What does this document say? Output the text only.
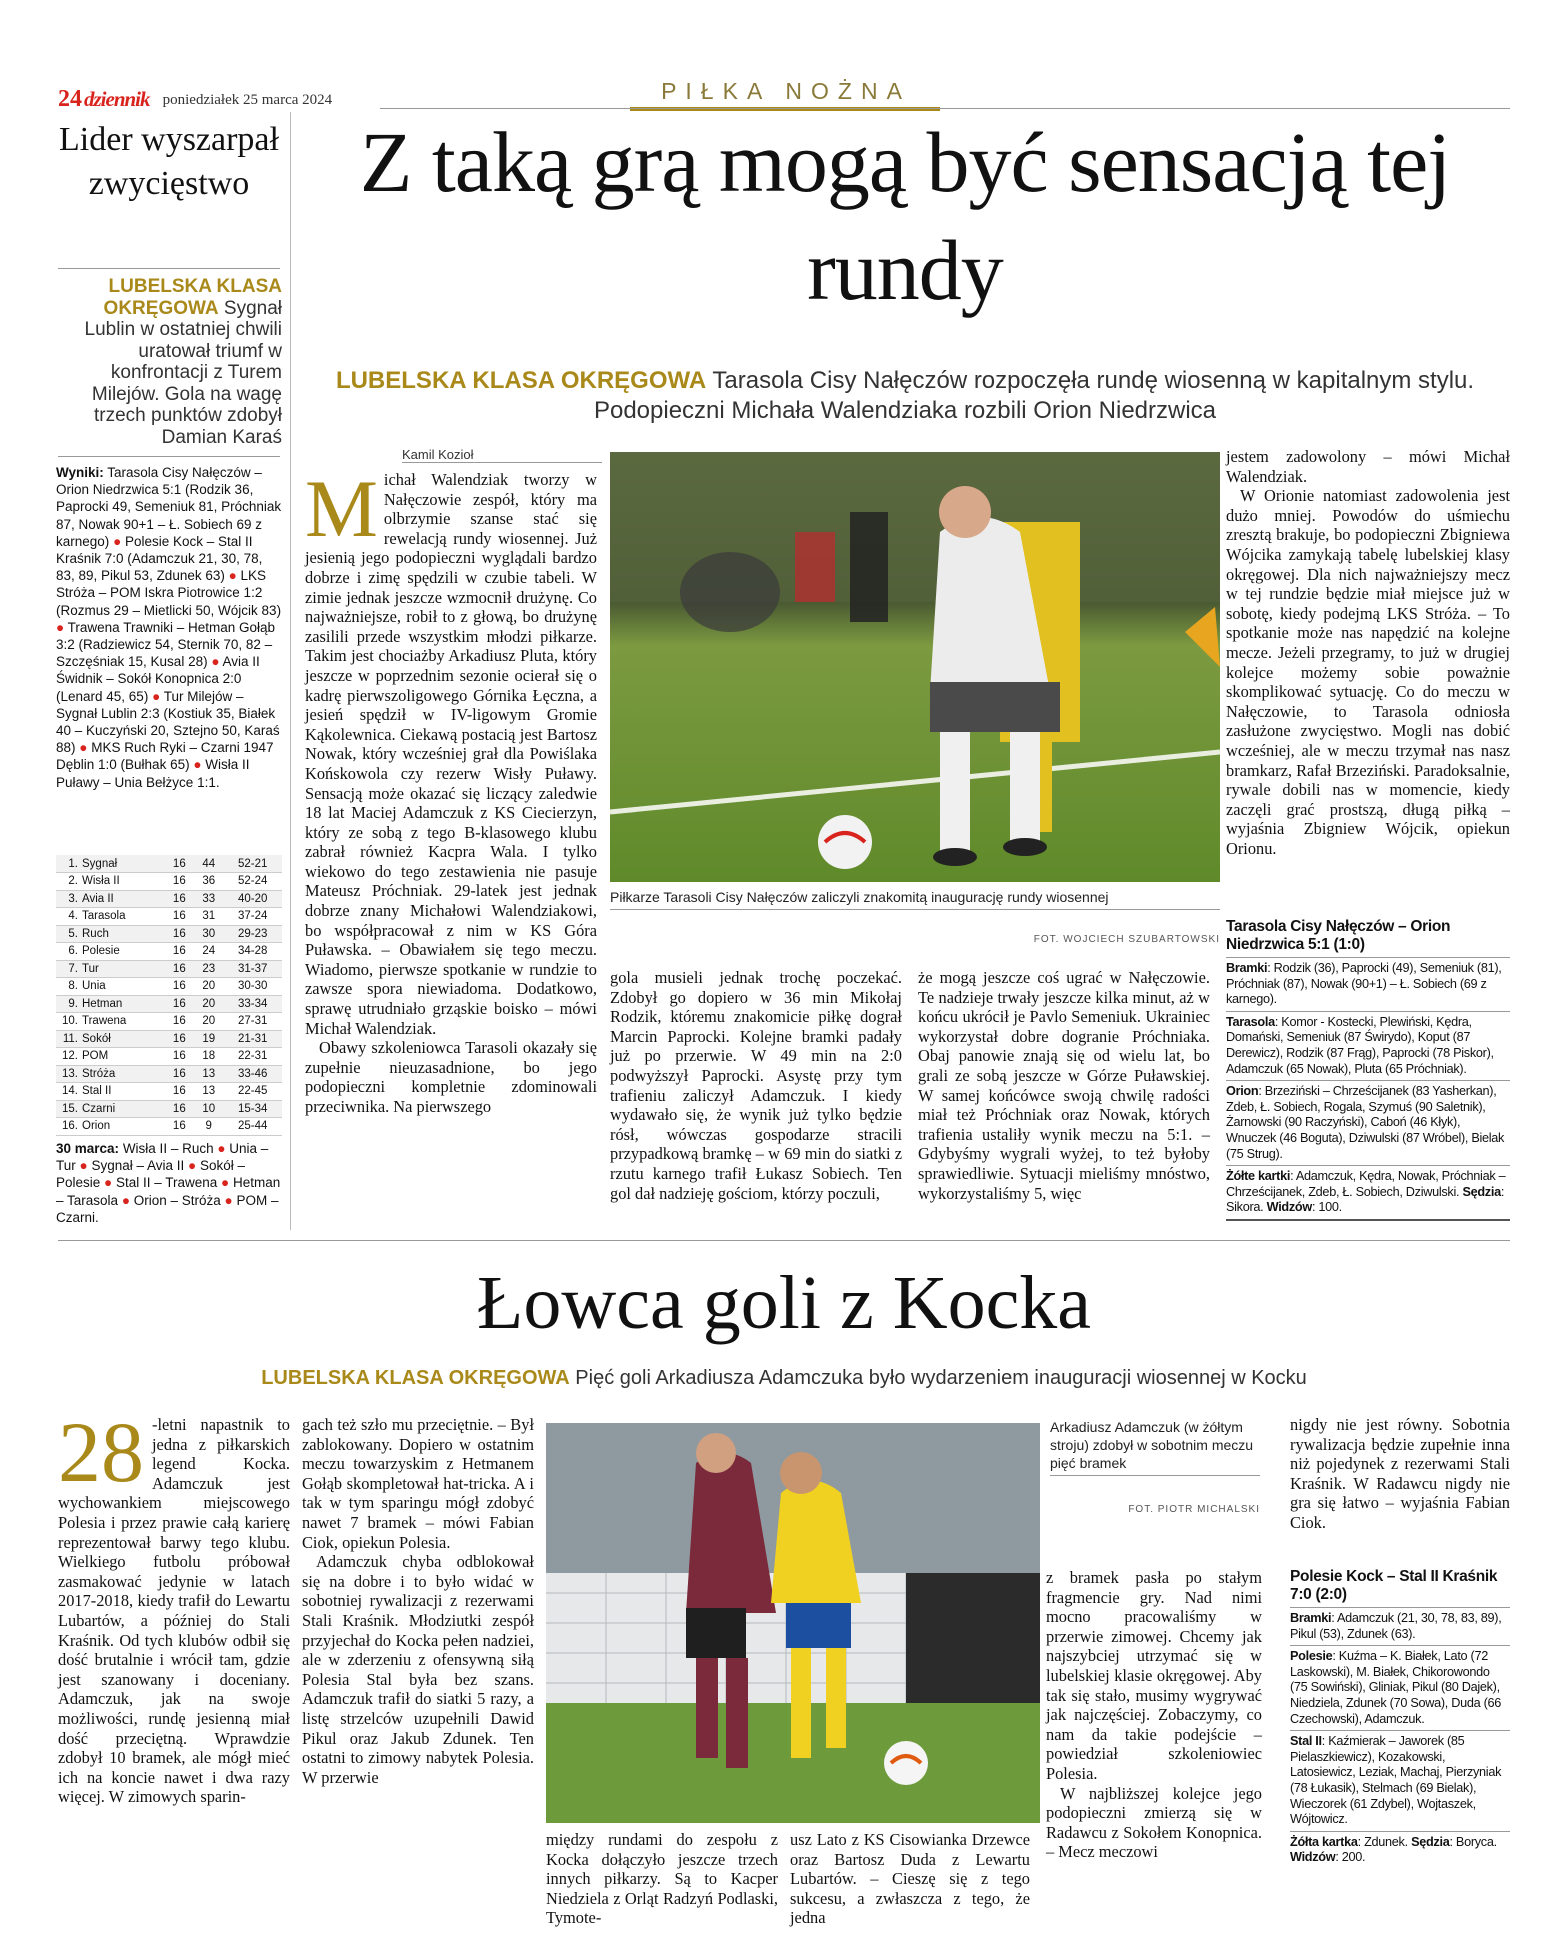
24dziennik poniedziałek 25 marca 2024	PIŁKA NOŻNA
Lider wyszarpał zwycięstwo
LUBELSKA KLASA OKRĘGOWA Sygnał Lublin w ostatniej chwili uratował triumf w konfrontacji z Turem Milejów. Gola na wagę trzech punktów zdobył Damian Karaś
Wyniki: Tarasola Cisy Nałęczów – Orion Niedrzwica 5:1 (Rodzik 36, Paprocki 49, Semeniuk 81, Próchniak 87, Nowak 90+1 – Ł. Sobiech 69 z karnego) ● Polesie Kock – Stal II Kraśnik 7:0 (Adamczuk 21, 30, 78, 83, 89, Pikul 53, Zdunek 63) ● LKS Stróża – POM Iskra Piotrowice 1:2 (Rozmus 29 – Mietlicki 50, Wójcik 83) ● Trawena Trawniki – Hetman Gołąb 3:2 (Radziewicz 54, Sternik 70, 82 – Szczęśniak 15, Kusal 28) ● Avia II Świdnik – Sokół Konopnica 2:0 (Lenard 45, 65) ● Tur Milejów – Sygnał Lublin 2:3 (Kostiuk 35, Białek 40 – Kuczyński 20, Sztejno 50, Karaś 88) ● MKS Ruch Ryki – Czarni 1947 Dęblin 1:0 (Bułhak 65) ● Wisła II Puławy – Unia Bełżyce 1:1.
1.	Sygnał	16	44	52-21
2.	Wisła II	16	36	52-24
3.	Avia II	16	33	40-20
4.	Tarasola	16	31	37-24
5.	Ruch	16	30	29-23
6.	Polesie	16	24	34-28
7.	Tur	16	23	31-37
8.	Unia	16	20	30-30
9.	Hetman	16	20	33-34
10.	Trawena	16	20	27-31
11.	Sokół	16	19	21-31
12.	POM	16	18	22-31
13.	Stróża	16	13	33-46
14.	Stal II	16	13	22-45
15.	Czarni	16	10	15-34
16.	Orion	16	9	25-44
30 marca: Wisła II – Ruch ● Unia – Tur ● Sygnał – Avia II ● Sokół – Polesie ● Stal II – Trawena ● Hetman – Tarasola ● Orion – Stróża ● POM – Czarni.
Z taką grą mogą być sensacją tej rundy
LUBELSKA KLASA OKRĘGOWA Tarasola Cisy Nałęczów rozpoczęła rundę wiosenną w kapitalnym stylu. Podopieczni Michała Walendziaka rozbili Orion Niedrzwica
Kamil Kozioł

Michał Walendziak tworzy w Nałęczowie zespół, który ma olbrzymie szanse stać się rewelacją rundy wiosennej. Już jesienią jego podopieczni wyglądali bardzo dobrze i zimę spędzili w czubie tabeli. W zimie jednak jeszcze wzmocnił drużynę. Co najważniejsze, robił to z głową, bo drużynę zasilili przede wszystkim młodzi piłkarze. Takim jest chociażby Arkadiusz Pluta, który jeszcze w poprzednim sezonie ocierał się o kadrę pierwszoligowego Górnika Łęczna, a jesień spędził w IV-ligowym Gromie Kąkolewnica. Ciekawą postacią jest Bartosz Nowak, który wcześniej grał dla Powiślaka Końskowola czy rezerw Wisły Puławy. Sensacją może okazać się liczący zaledwie 18 lat Maciej Adamczuk z KS Ciecierzyn, który ze sobą z tego B-klasowego klubu zabrał również Kacpra Wala. I tylko wiekowo do tego zestawienia nie pasuje Mateusz Próchniak. 29-latek jest jednak dobrze znany Michałowi Walendziakowi, bo współpracował z nim w KS Góra Puławska. – Obawiałem się tego meczu. Wiadomo, pierwsze spotkanie w rundzie to zawsze spora niewiadoma. Dodatkowo, sprawę utrudniało grząskie boisko – mówi Michał Walendziak.

Obawy szkoleniowca Tarasoli okazały się zupełnie nieuzasadnione, bo jego podopieczni kompletnie zdominowali przeciwnika. Na pierwszego

Piłkarze Tarasoli Cisy Nałęczów zaliczyli znakomitą inaugurację rundy wiosennej
FOT. WOJCIECH SZUBARTOWSKI

gola musieli jednak trochę poczekać. Zdobył go dopiero w 36 min Mikołaj Rodzik, któremu znakomicie piłkę dograł Marcin Paprocki. Kolejne bramki padały już po przerwie. W 49 min na 2:0 podwyższył Paprocki. Asystę przy tym trafieniu zaliczył Adamczuk. I kiedy wydawało się, że wynik już tylko będzie rósł, wówczas gospodarze stracili przypadkową bramkę – w 69 min do siatki z rzutu karnego trafił Łukasz Sobiech. Ten gol dał nadzieję gościom, którzy poczuli,

że mogą jeszcze coś ugrać w Nałęczowie. Te nadzieje trwały jeszcze kilka minut, aż w końcu ukrócił je Pavlo Semeniuk. Ukrainiec wykorzystał dobre dogranie Próchniaka. Obaj panowie znają się od wielu lat, bo grali ze sobą jeszcze w Górze Puławskiej. W samej końcówce swoją chwilę radości miał też Próchniak oraz Nowak, których trafienia ustaliły wynik meczu na 5:1. – Gdybyśmy wygrali wyżej, to też byłoby sprawiedliwie. Sytuacji mieliśmy mnóstwo, wykorzystaliśmy 5, więc

jestem zadowolony – mówi Michał Walendziak.

W Orionie natomiast zadowolenia jest dużo mniej. Powodów do uśmiechu zresztą brakuje, bo podopieczni Zbigniewa Wójcika zamykają tabelę lubelskiej klasy okręgowej. Dla nich najważniejszy mecz w tej rundzie będzie miał miejsce już w sobotę, kiedy podejmą LKS Stróża. – To spotkanie może nas napędzić na kolejne mecze. Jeżeli przegramy, to już w drugiej kolejce możemy sobie poważnie skomplikować sytuację. Co do meczu w Nałęczowie, to Tarasola odniosła zasłużone zwycięstwo. Mogli nas dobić wcześniej, ale w meczu trzymał nas nasz bramkarz, Rafał Brzeziński. Paradoksalnie, rywale dobili nas w momencie, kiedy zaczęli grać prostszą, długą piłką – wyjaśnia Zbigniew Wójcik, opiekun Orionu.

Tarasola Cisy Nałęczów – Orion Niedrzwica 5:1 (1:0)

Bramki: Rodzik (36), Paprocki (49), Semeniuk (81), Próchniak (87), Nowak (90+1) – Ł. Sobiech (69 z karnego).

Tarasola: Komor - Kostecki, Plewiński, Kędra, Domański, Semeniuk (87 Świrydo), Koput (87 Derewicz), Rodzik (87 Frąg), Paprocki (78 Piskor), Adamczuk (65 Nowak), Pluta (65 Próchniak).

Orion: Brzeziński – Chrześcijanek (83 Yasherkan), Zdeb, Ł. Sobiech, Rogala, Szymuś (90 Saletnik), Żarnowski (90 Raczyński), Caboń (46 Kłyk), Wnuczek (46 Boguta), Dziwulski (87 Wróbel), Bielak (75 Strug).

Żółte kartki: Adamczuk, Kędra, Nowak, Próchniak – Chrześcijanek, Zdeb, Ł. Sobiech, Dziwulski. Sędzia: Sikora. Widzów: 100.

Łowca goli z Kocka
LUBELSKA KLASA OKRĘGOWA Pięć goli Arkadiusza Adamczuka było wydarzeniem inauguracji wiosennej w Kocku

28 -letni napastnik to jedna z piłkarskich legend Kocka. Adamczuk jest wychowankiem miejscowego Polesia i przez prawie całą karierę reprezentował barwy tego klubu. Wielkiego futbolu próbował zasmakować jedynie w latach 2017-2018, kiedy trafił do Lewartu Lubartów, a później do Stali Kraśnik. Od tych klubów odbił się dość brutalnie i wrócił tam, gdzie jest szanowany i doceniany. Adamczuk, jak na swoje możliwości, rundę jesienną miał dość przeciętną. Wprawdzie zdobył 10 bramek, ale mógł mieć ich na koncie nawet i dwa razy więcej. W zimowych sparin-

gach też szło mu przeciętnie. – Był zablokowany. Dopiero w ostatnim meczu towarzyskim z Hetmanem Gołąb skompletował hat-tricka. A i tak w tym sparingu mógł zdobyć nawet 7 bramek – mówi Fabian Ciok, opiekun Polesia.

Adamczuk chyba odblokował się na dobre i to było widać w sobotniej rywalizacji z rezerwami Stali Kraśnik. Młodziutki zespół przyjechał do Kocka pełen nadziei, ale w zderzeniu z ofensywną siłą Polesia Stal była bez szans. Adamczuk trafił do siatki 5 razy, a listę strzelców uzupełnili Dawid Pikul oraz Jakub Zdunek. Ten ostatni to zimowy nabytek Polesia. W przerwie

między rundami do zespołu z Kocka dołączyło jeszcze trzech innych piłkarzy. Są to Kacper Niedziela z Orląt Radzyń Podlaski, Tymote-

usz Lato z KS Cisowianka Drzewce oraz Bartosz Duda z Lewartu Lubartów. – Cieszę się z tego sukcesu, a zwłaszcza z tego, że jedna

Arkadiusz Adamczuk (w żółtym stroju) zdobył w sobotnim meczu pięć bramek
FOT. PIOTR MICHALSKI

z bramek pasła po stałym fragmencie gry. Nad nimi mocno pracowaliśmy w przerwie zimowej. Chcemy jak najszybciej utrzymać się w lubelskiej klasie okręgowej. Aby tak się stało, musimy wygrywać jak najczęściej. Zobaczymy, co nam da takie podejście – powiedział szkoleniowiec Polesia.

W najbliższej kolejce jego podopieczni zmierzą się w Radawcu z Sokołem Konopnica. – Mecz meczowi

nigdy nie jest równy. Sobotnia rywalizacja będzie zupełnie inna niż pojedynek z rezerwami Stali Kraśnik. W Radawcu nigdy nie gra się łatwo – wyjaśnia Fabian Ciok.

Polesie Kock – Stal II Kraśnik 7:0 (2:0)

Bramki: Adamczuk (21, 30, 78, 83, 89), Pikul (53), Zdunek (63).

Polesie: Kuźma – K. Białek, Lato (72 Laskowski), M. Białek, Chikorowondo (75 Sowiński), Gliniak, Pikul (80 Dajek), Niedziela, Zdunek (70 Sowa), Duda (66 Czechowski), Adamczuk.

Stal II: Kaźmierak – Jaworek (85 Pielaszkiewicz), Kozakowski, Latosiewicz, Leziak, Machaj, Pierzyniak (78 Łukasik), Stelmach (69 Bielak), Wieczorek (61 Zdybel), Wojtaszek, Wójtowicz.

Żółta kartka: Zdunek. Sędzia: Boryca. Widzów: 200.
